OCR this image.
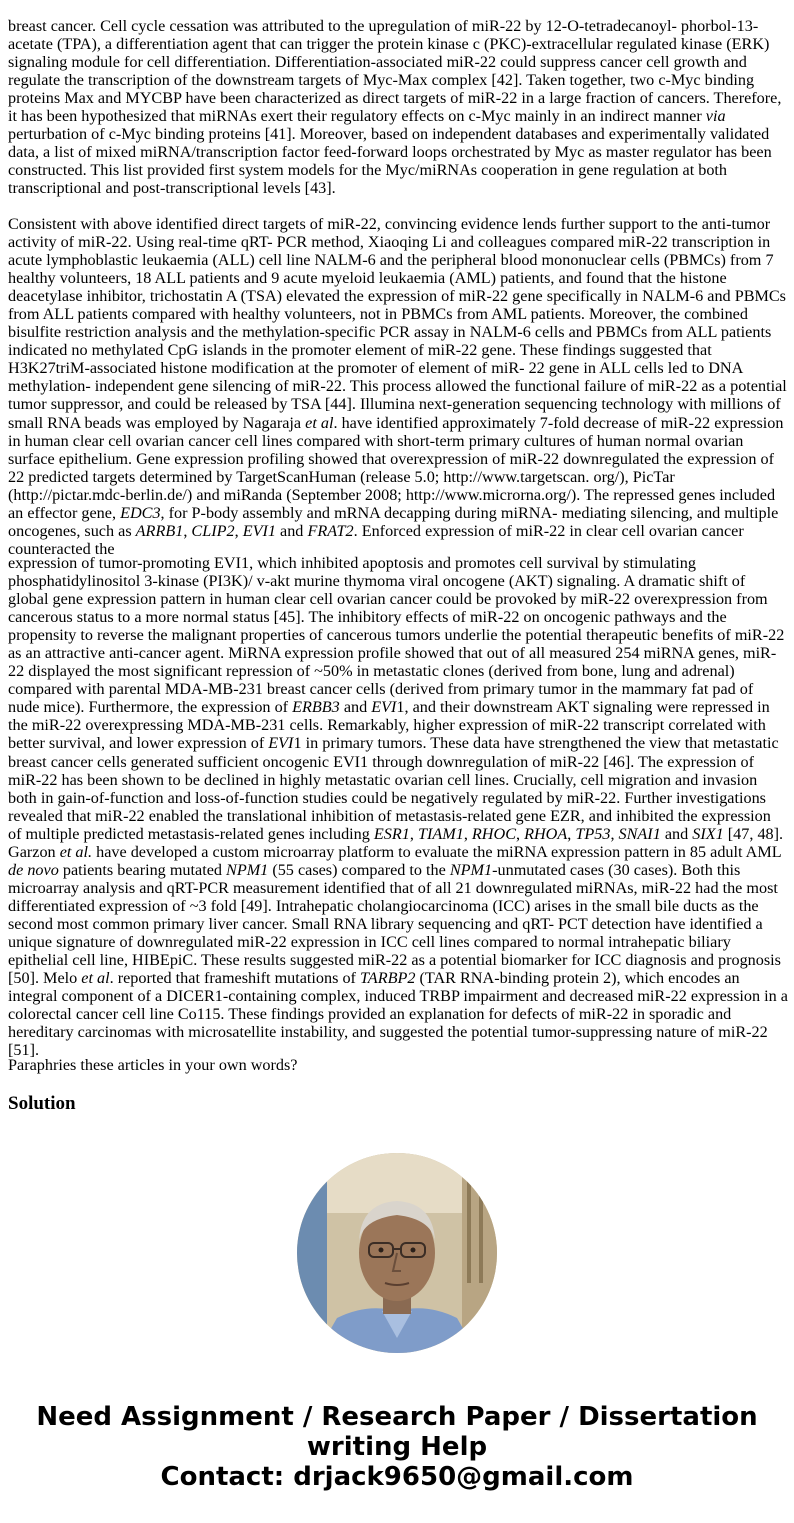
breast cancer. Cell cycle cessation was attributed to the upregulation of miR-22 by 12-O-tetradecanoyl- phorbol-13-acetate (TPA), a differentiation agent that can trigger the protein kinase c (PKC)-extracellular regulated kinase (ERK) signaling module for cell differentiation. Differentiation-associated miR-22 could suppress cancer cell growth and regulate the transcription of the downstream targets of Myc-Max complex [42]. Taken together, two c-Myc binding proteins Max and MYCBP have been characterized as direct targets of miR-22 in a large fraction of cancers. Therefore, it has been hypothesized that miRNAs exert their regulatory effects on c-Myc mainly in an indirect manner via perturbation of c-Myc binding proteins [41]. Moreover, based on independent databases and experimentally validated data, a list of mixed miRNA/transcription factor feed-forward loops orchestrated by Myc as master regulator has been constructed. This list provided first system models for the Myc/miRNAs cooperation in gene regulation at both transcriptional and post-transcriptional levels [43].

Consistent with above identified direct targets of miR-22, convincing evidence lends further support to the anti-tumor activity of miR-22. Using real-time qRT- PCR method, Xiaoqing Li and colleagues compared miR-22 transcription in acute lymphoblastic leukaemia (ALL) cell line NALM-6 and the peripheral blood mononuclear cells (PBMCs) from 7 healthy volunteers, 18 ALL patients and 9 acute myeloid leukaemia (AML) patients, and found that the histone deacetylase inhibitor, trichostatin A (TSA) elevated the expression of miR-22 gene specifically in NALM-6 and PBMCs from ALL patients compared with healthy volunteers, not in PBMCs from AML patients. Moreover, the combined bisulfite restriction analysis and the methylation-specific PCR assay in NALM-6 cells and PBMCs from ALL patients indicated no methylated CpG islands in the promoter element of miR-22 gene. These findings suggested that H3K27triM-associated histone modification at the promoter of element of miR- 22 gene in ALL cells led to DNA methylation- independent gene silencing of miR-22. This process allowed the functional failure of miR-22 as a potential tumor suppressor, and could be released by TSA [44]. Illumina next-generation sequencing technology with millions of small RNA beads was employed by Nagaraja et al. have identified approximately 7-fold decrease of miR-22 expression in human clear cell ovarian cancer cell lines compared with short-term primary cultures of human normal ovarian surface epithelium. Gene expression profiling showed that overexpression of miR-22 downregulated the expression of 22 predicted targets determined by TargetScanHuman (release 5.0; http://www.targetscan. org/), PicTar (http://pictar.mdc-berlin.de/) and miRanda (September 2008; http://www.microrna.org/). The repressed genes included an effector gene, EDC3, for P-body assembly and mRNA decapping during miRNA- mediating silencing, and multiple oncogenes, such as ARRB1, CLIP2, EVI1 and FRAT2. Enforced expression of miR-22 in clear cell ovarian cancer counteracted the

expression of tumor-promoting EVI1, which inhibited apoptosis and promotes cell survival by stimulating phosphatidylinositol 3-kinase (PI3K)/ v-akt murine thymoma viral oncogene (AKT) signaling. A dramatic shift of global gene expression pattern in human clear cell ovarian cancer could be provoked by miR-22 overexpression from cancerous status to a more normal status [45]. The inhibitory effects of miR-22 on oncogenic pathways and the propensity to reverse the malignant properties of cancerous tumors underlie the potential therapeutic benefits of miR-22 as an attractive anti-cancer agent. MiRNA expression profile showed that out of all measured 254 miRNA genes, miR-22 displayed the most significant repression of ~50% in metastatic clones (derived from bone, lung and adrenal) compared with parental MDA-MB-231 breast cancer cells (derived from primary tumor in the mammary fat pad of nude mice). Furthermore, the expression of ERBB3 and EVI1, and their downstream AKT signaling were repressed in the miR-22 overexpressing MDA-MB-231 cells. Remarkably, higher expression of miR-22 transcript correlated with better survival, and lower expression of EVI1 in primary tumors. These data have strengthened the view that metastatic breast cancer cells generated sufficient oncogenic EVI1 through downregulation of miR-22 [46]. The expression of miR-22 has been shown to be declined in highly metastatic ovarian cell lines. Crucially, cell migration and invasion both in gain-of-function and loss-of-function studies could be negatively regulated by miR-22. Further investigations revealed that miR-22 enabled the translational inhibition of metastasis-related gene EZR, and inhibited the expression of multiple predicted metastasis-related genes including ESR1, TIAM1, RHOC, RHOA, TP53, SNAI1 and SIX1 [47, 48]. Garzon et al. have developed a custom microarray platform to evaluate the miRNA expression pattern in 85 adult AML de novo patients bearing mutated NPM1 (55 cases) compared to the NPM1-unmutated cases (30 cases). Both this microarray analysis and qRT-PCR measurement identified that of all 21 downregulated miRNAs, miR-22 had the most differentiated expression of ~3 fold [49]. Intrahepatic cholangiocarcinoma (ICC) arises in the small bile ducts as the second most common primary liver cancer. Small RNA library sequencing and qRT- PCT detection have identified a unique signature of downregulated miR-22 expression in ICC cell lines compared to normal intrahepatic biliary epithelial cell line, HIBEpiC. These results suggested miR-22 as a potential biomarker for ICC diagnosis and prognosis [50]. Melo et al. reported that frameshift mutations of TARBP2 (TAR RNA-binding protein 2), which encodes an integral component of a DICER1-containing complex, induced TRBP impairment and decreased miR-22 expression in a colorectal cancer cell line Co115. These findings provided an explanation for defects of miR-22 in sporadic and hereditary carcinomas with microsatellite instability, and suggested the potential tumor-suppressing nature of miR-22 [51].

Paraphries these articles in your own words?

Solution
Need Assignment / Research Paper / Dissertation
writing Help
Contact: drjack9650@gmail.com
